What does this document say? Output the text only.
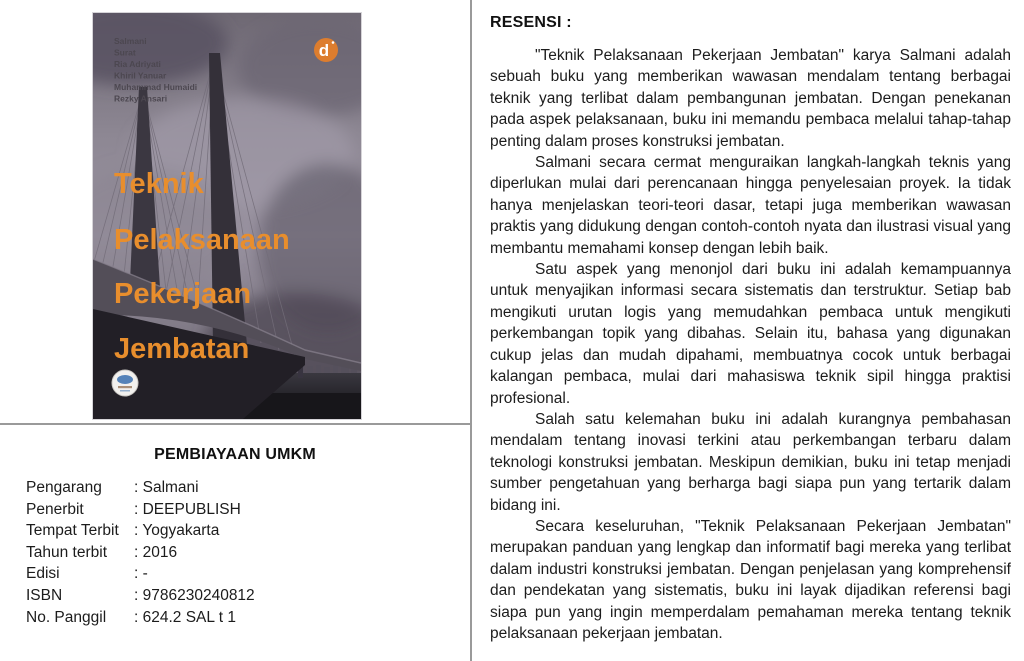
Salmani
Surat
Ria Adriyati
Khiril Yanuar
Muhammad Humaidi
Rezky Ansari
d
Teknik
Pelaksanaan
Pekerjaan
Jembatan
PEMBIAYAAN UMKM
Pengarang : Salmani
Penerbit	: DEEPUBLISH
Tempat Terbit : Yogyakarta
Tahun terbit : 2016
Edisi	: -
ISBN	: 9786230240812
No. Panggil : 624.2 SAL t 1
RESENSI :

"Teknik Pelaksanaan Pekerjaan Jembatan" karya Salmani adalah sebuah buku yang memberikan wawasan mendalam tentang berbagai teknik yang terlibat dalam pembangunan jembatan. Dengan penekanan pada aspek pelaksanaan, buku ini memandu pembaca melalui tahap-tahap penting dalam proses konstruksi jembatan.

Salmani secara cermat menguraikan langkah-langkah teknis yang diperlukan mulai dari perencanaan hingga penyelesaian proyek. Ia tidak hanya menjelaskan teori-teori dasar, tetapi juga memberikan wawasan praktis yang didukung dengan contoh-contoh nyata dan ilustrasi visual yang membantu memahami konsep dengan lebih baik.

Satu aspek yang menonjol dari buku ini adalah kemampuannya untuk menyajikan informasi secara sistematis dan terstruktur. Setiap bab mengikuti urutan logis yang memudahkan pembaca untuk mengikuti perkembangan topik yang dibahas. Selain itu, bahasa yang digunakan cukup jelas dan mudah dipahami, membuatnya cocok untuk berbagai kalangan pembaca, mulai dari mahasiswa teknik sipil hingga praktisi profesional.

Salah satu kelemahan buku ini adalah kurangnya pembahasan mendalam tentang inovasi terkini atau perkembangan terbaru dalam teknologi konstruksi jembatan. Meskipun demikian, buku ini tetap menjadi sumber pengetahuan yang berharga bagi siapa pun yang tertarik dalam bidang ini.

Secara keseluruhan, "Teknik Pelaksanaan Pekerjaan Jembatan" merupakan panduan yang lengkap dan informatif bagi mereka yang terlibat dalam industri konstruksi jembatan. Dengan penjelasan yang komprehensif dan pendekatan yang sistematis, buku ini layak dijadikan referensi bagi siapa pun yang ingin memperdalam pemahaman mereka tentang teknik pelaksanaan pekerjaan jembatan.
